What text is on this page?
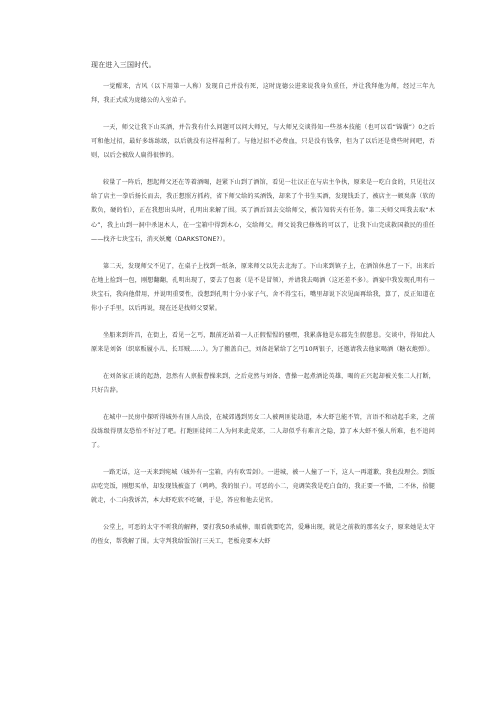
现在进入三国时代。

一觉醒来，古风（以下用第一人称）发现自己并没有死，这时庞德公进来说我身负重任，并让我拜他为师，经过三年九拜，我正式成为庞德公的入室弟子。

一天，师父让我下山买酒，并告我有什么问题可以问大师兄，与大师兄交谈得知一些基本技能（也可以看“锦囊”）0之后可和他过招，最好多练练级，以后就没有这样福利了。与他过招不必费血，只是没有钱拿，但为了以后还是费些时间吧，否则，以后会被敌人扁得很惨的。

较量了一阵后，想起师父还在等着酒喝，赶紧下山到了酒馆，看见一壮汉正在与店主争执，原来是一吃白食的，只见壮汉给了店主一拳后扬长而去，我正想照方抓药，省下师父给的买酒钱，却来了个书生买酒，发现钱丢了，被店主一顿臭落（软的欺负，硬的怕），正在我想出头时，孔明出来解了围。买了酒后回去交给师父，被告知转天有任务。第二天师父叫我去取“木心”，我上山到一洞中杀退木人，在一宝箱中得到木心，交给师父。师父说我已修炼的可以了，让我下山完成救国救民的重任——找齐七块宝石，消灭妖魔（DARKSTONE?）。

第二天，发现师父不见了，在桌子上找到一纸条，原来师父以先去北海了。下山来到镇子上，在酒馆休息了一下，出来后在地上捡到一包，刚想翻翻，孔明出现了，要去了包裹（是不是冒领），并请我去喝酒（这还差不多）。酒宴中我发现孔明有一块宝石，我向他借用，并说明重要性，没想到孔明十分小家子气，舍不得宝石，嘴里却说下次见面再给我，算了，反正知道在你小子手里，以后再说，现在还是找师父要紧。

坐船来到许昌，在街上，看见一乞丐，跟前还站着一人正假惺惺的骚嘿，我累落他是东郡先生假慈悲。交谈中，得知此人原来是刘备（织席贩履小儿、长耳贼……）。为了搬盖自己，刘备赶紧给了乞丐10两银子，还邀请我去他家喝酒（糖衣炮弹）。

在刘备家正谈的起劲，忽然有人禀报曹操来到，之后竟然与刘备、曹操一起煮酒论英雄，喝的正兴起却被关张二人打断，只好告辞。

在城中一民房中探听得城外有匪人出没，在城郊遇到男女二人被两匪徒劫道，本大虾岂能不管，言语不和动起手来，之前没练级得朋友恐怕不好过了吧。打跑匪徒问二人为何来此荒郊，二人却似乎有难言之隐，算了本大虾不强人所难，也不追问了。

一路无话，这一天来到宛城（城外有一宝箱，内有吹雪剑）。一进城，被一人撞了一下，这人一再道歉，我也没理会。到饭店吃完饭，刚想买单，却发现钱被盗了（鸣鸣，我的银子）。可恶的小二，竟调笑我是吃白食的，我正要一不做，二不休，拾腿就走，小二向我诉苦，本大虾吃软不吃硬，于是，答应和他去见官。

公堂上，可恶的太守不听我的解释，要打我50杀威棒，眼看就要吃苦，爱琳出现，就是之前救的那名女子，原来她是太守的侄女，帮我解了围。太守判我给饭馆打三天工，老板竟要本大虾
